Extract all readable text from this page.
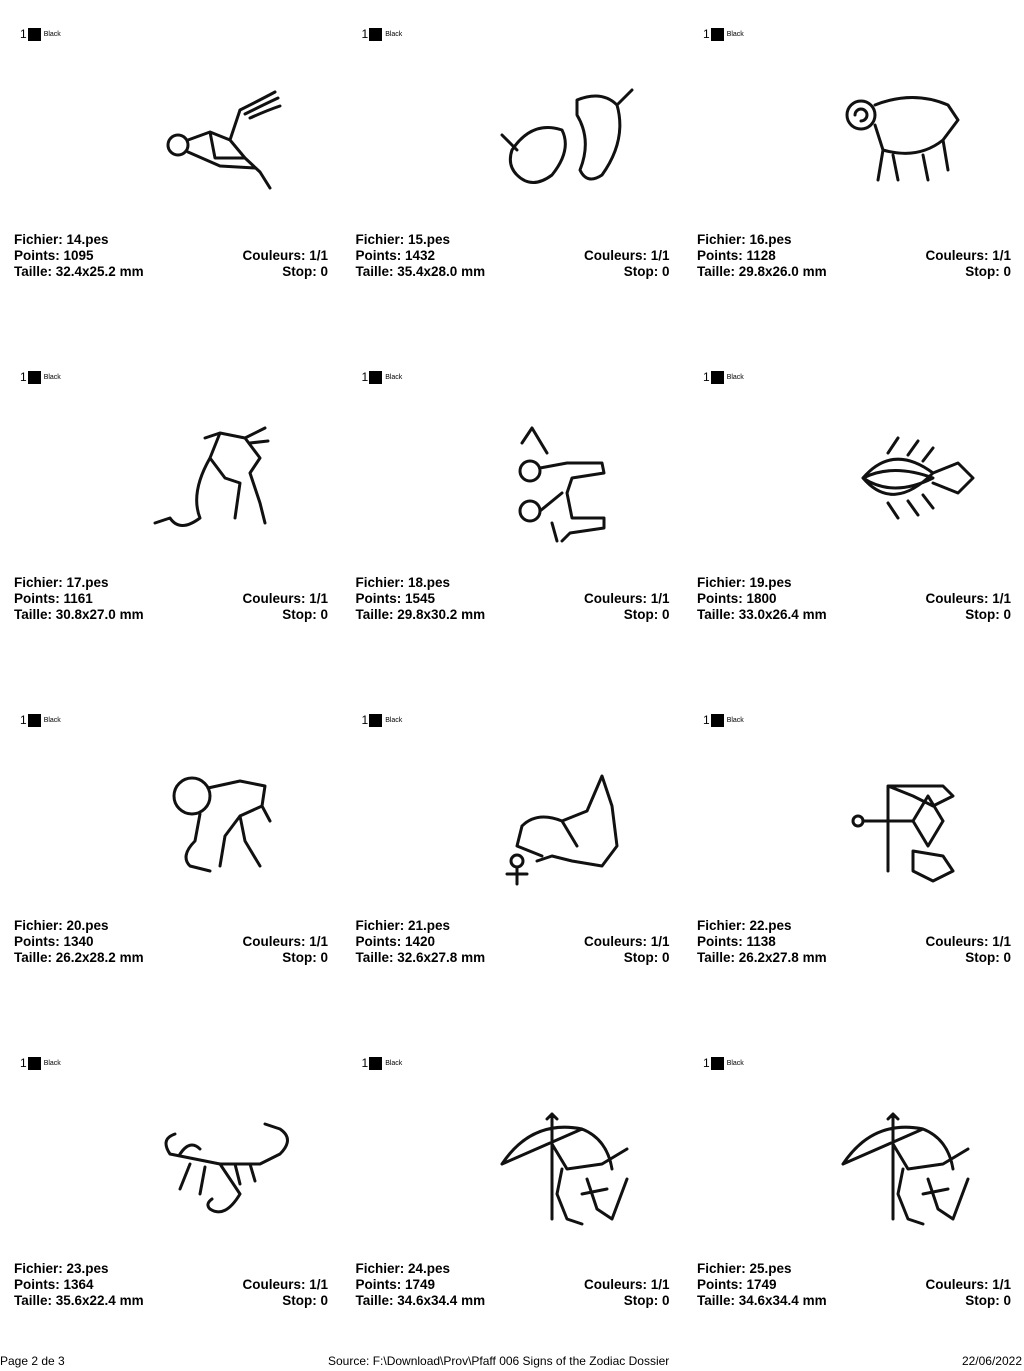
1 Black
Fichier: 14.pes
Points: 1095	Couleurs: 1/1
Taille: 32.4x25.2 mm	Stop: 0
1 Black
Fichier: 15.pes
Points: 1432	Couleurs: 1/1
Taille: 35.4x28.0 mm	Stop: 0
1 Black
Fichier: 16.pes
Points: 1128	Couleurs: 1/1
Taille: 29.8x26.0 mm	Stop: 0
1 Black
Fichier: 17.pes
Points: 1161	Couleurs: 1/1
Taille: 30.8x27.0 mm	Stop: 0
1 Black
Fichier: 18.pes
Points: 1545	Couleurs: 1/1
Taille: 29.8x30.2 mm	Stop: 0
1 Black
Fichier: 19.pes
Points: 1800	Couleurs: 1/1
Taille: 33.0x26.4 mm	Stop: 0
1 Black
Fichier: 20.pes
Points: 1340	Couleurs: 1/1
Taille: 26.2x28.2 mm	Stop: 0
1 Black
Fichier: 21.pes
Points: 1420	Couleurs: 1/1
Taille: 32.6x27.8 mm	Stop: 0
1 Black
Fichier: 22.pes
Points: 1138	Couleurs: 1/1
Taille: 26.2x27.8 mm	Stop: 0
1 Black
Fichier: 23.pes
Points: 1364	Couleurs: 1/1
Taille: 35.6x22.4 mm	Stop: 0
1 Black
Fichier: 24.pes
Points: 1749	Couleurs: 1/1
Taille: 34.6x34.4 mm	Stop: 0
1 Black
Fichier: 25.pes
Points: 1749	Couleurs: 1/1
Taille: 34.6x34.4 mm	Stop: 0
Page 2 de 3	Source: F:\Download\Prov\Pfaff 006 Signs of the Zodiac Dossier	22/06/2022
